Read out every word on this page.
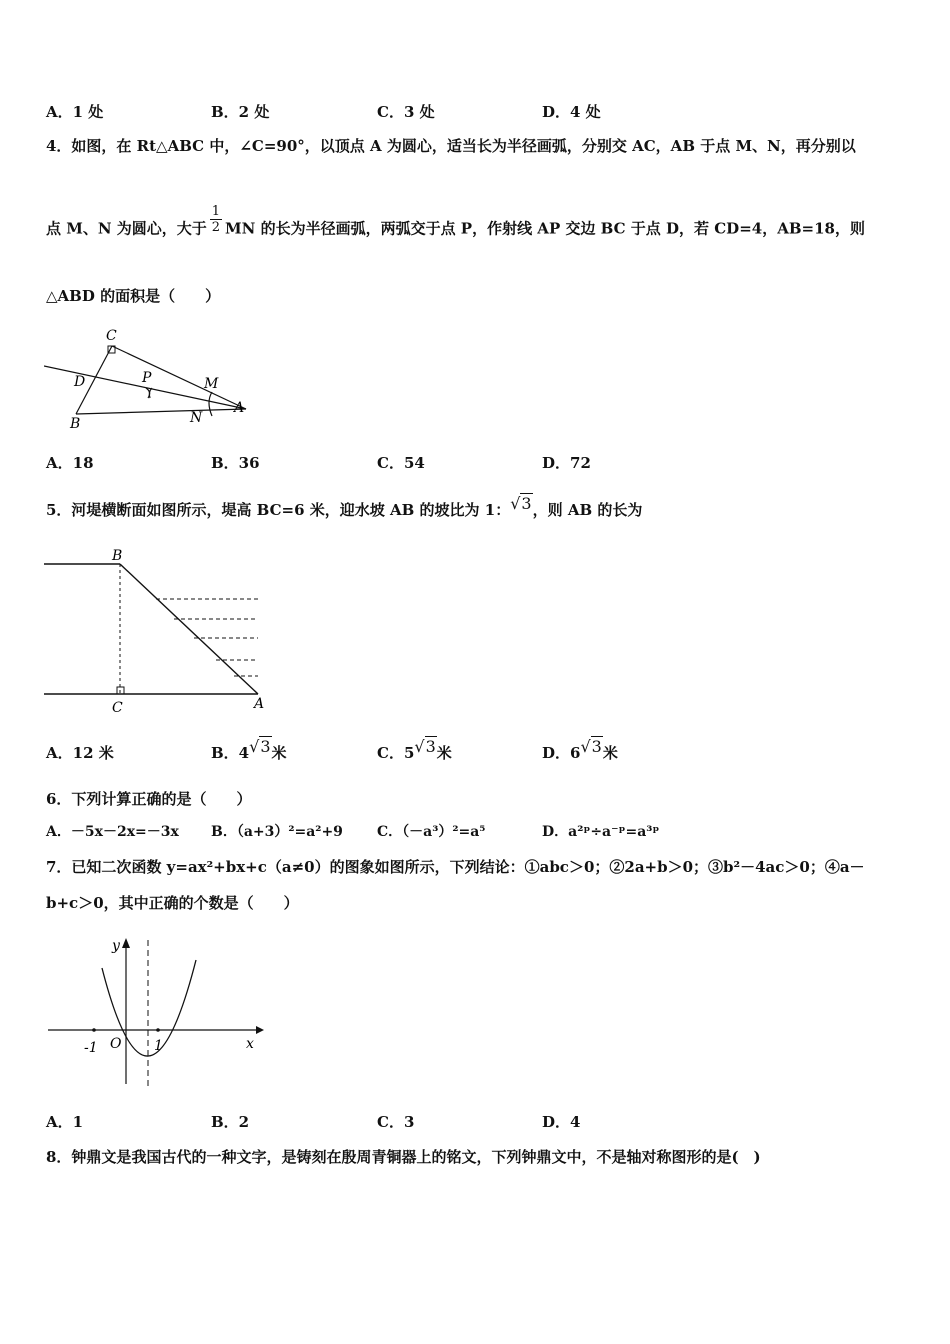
A．1 处	B．2 处	C．3 处	D．4 处
4．如图，在 Rt△ABC 中，∠C=90°，以顶点 A 为圆心，适当长为半径画弧，分别交 AC，AB 于点 M、N，再分别以
点 M、N 为圆心，大于 $\frac{1}{2}$ MN 的长为半径画弧，两弧交于点 P，作射线 AP 交边 BC 于点 D，若 CD=4，AB=18，则
△ABD 的面积是（　　）
C
D	P	M
A
B	N
A．18	B．36	C．54	D．72
5．河堤横断面如图所示，堤高 BC=6 米，迎水坡 AB 的坡比为 1：√3，则 AB 的长为
B
C	A
A．12 米	B．4√3米	C．5√3米	D．6√3米
6．下列计算正确的是（　　）
A．－5x－2x=－3x B．（a+3）²=a²+9 C．（－a³）²=a⁵	D．a²ᵖ÷a⁻ᵖ=a³ᵖ
7．已知二次函数 y=ax²+bx+c（a≠0）的图象如图所示，下列结论：①abc＞0；②2a+b＞0；③b²－4ac＞0；④a－
b+c＞0，其中正确的个数是（　　）
y
x
O
-1	1
A．1	B．2	C．3	D．4
8．钟鼎文是我国古代的一种文字，是铸刻在殷周青铜器上的铭文，下列钟鼎文中，不是轴对称图形的是(　)
